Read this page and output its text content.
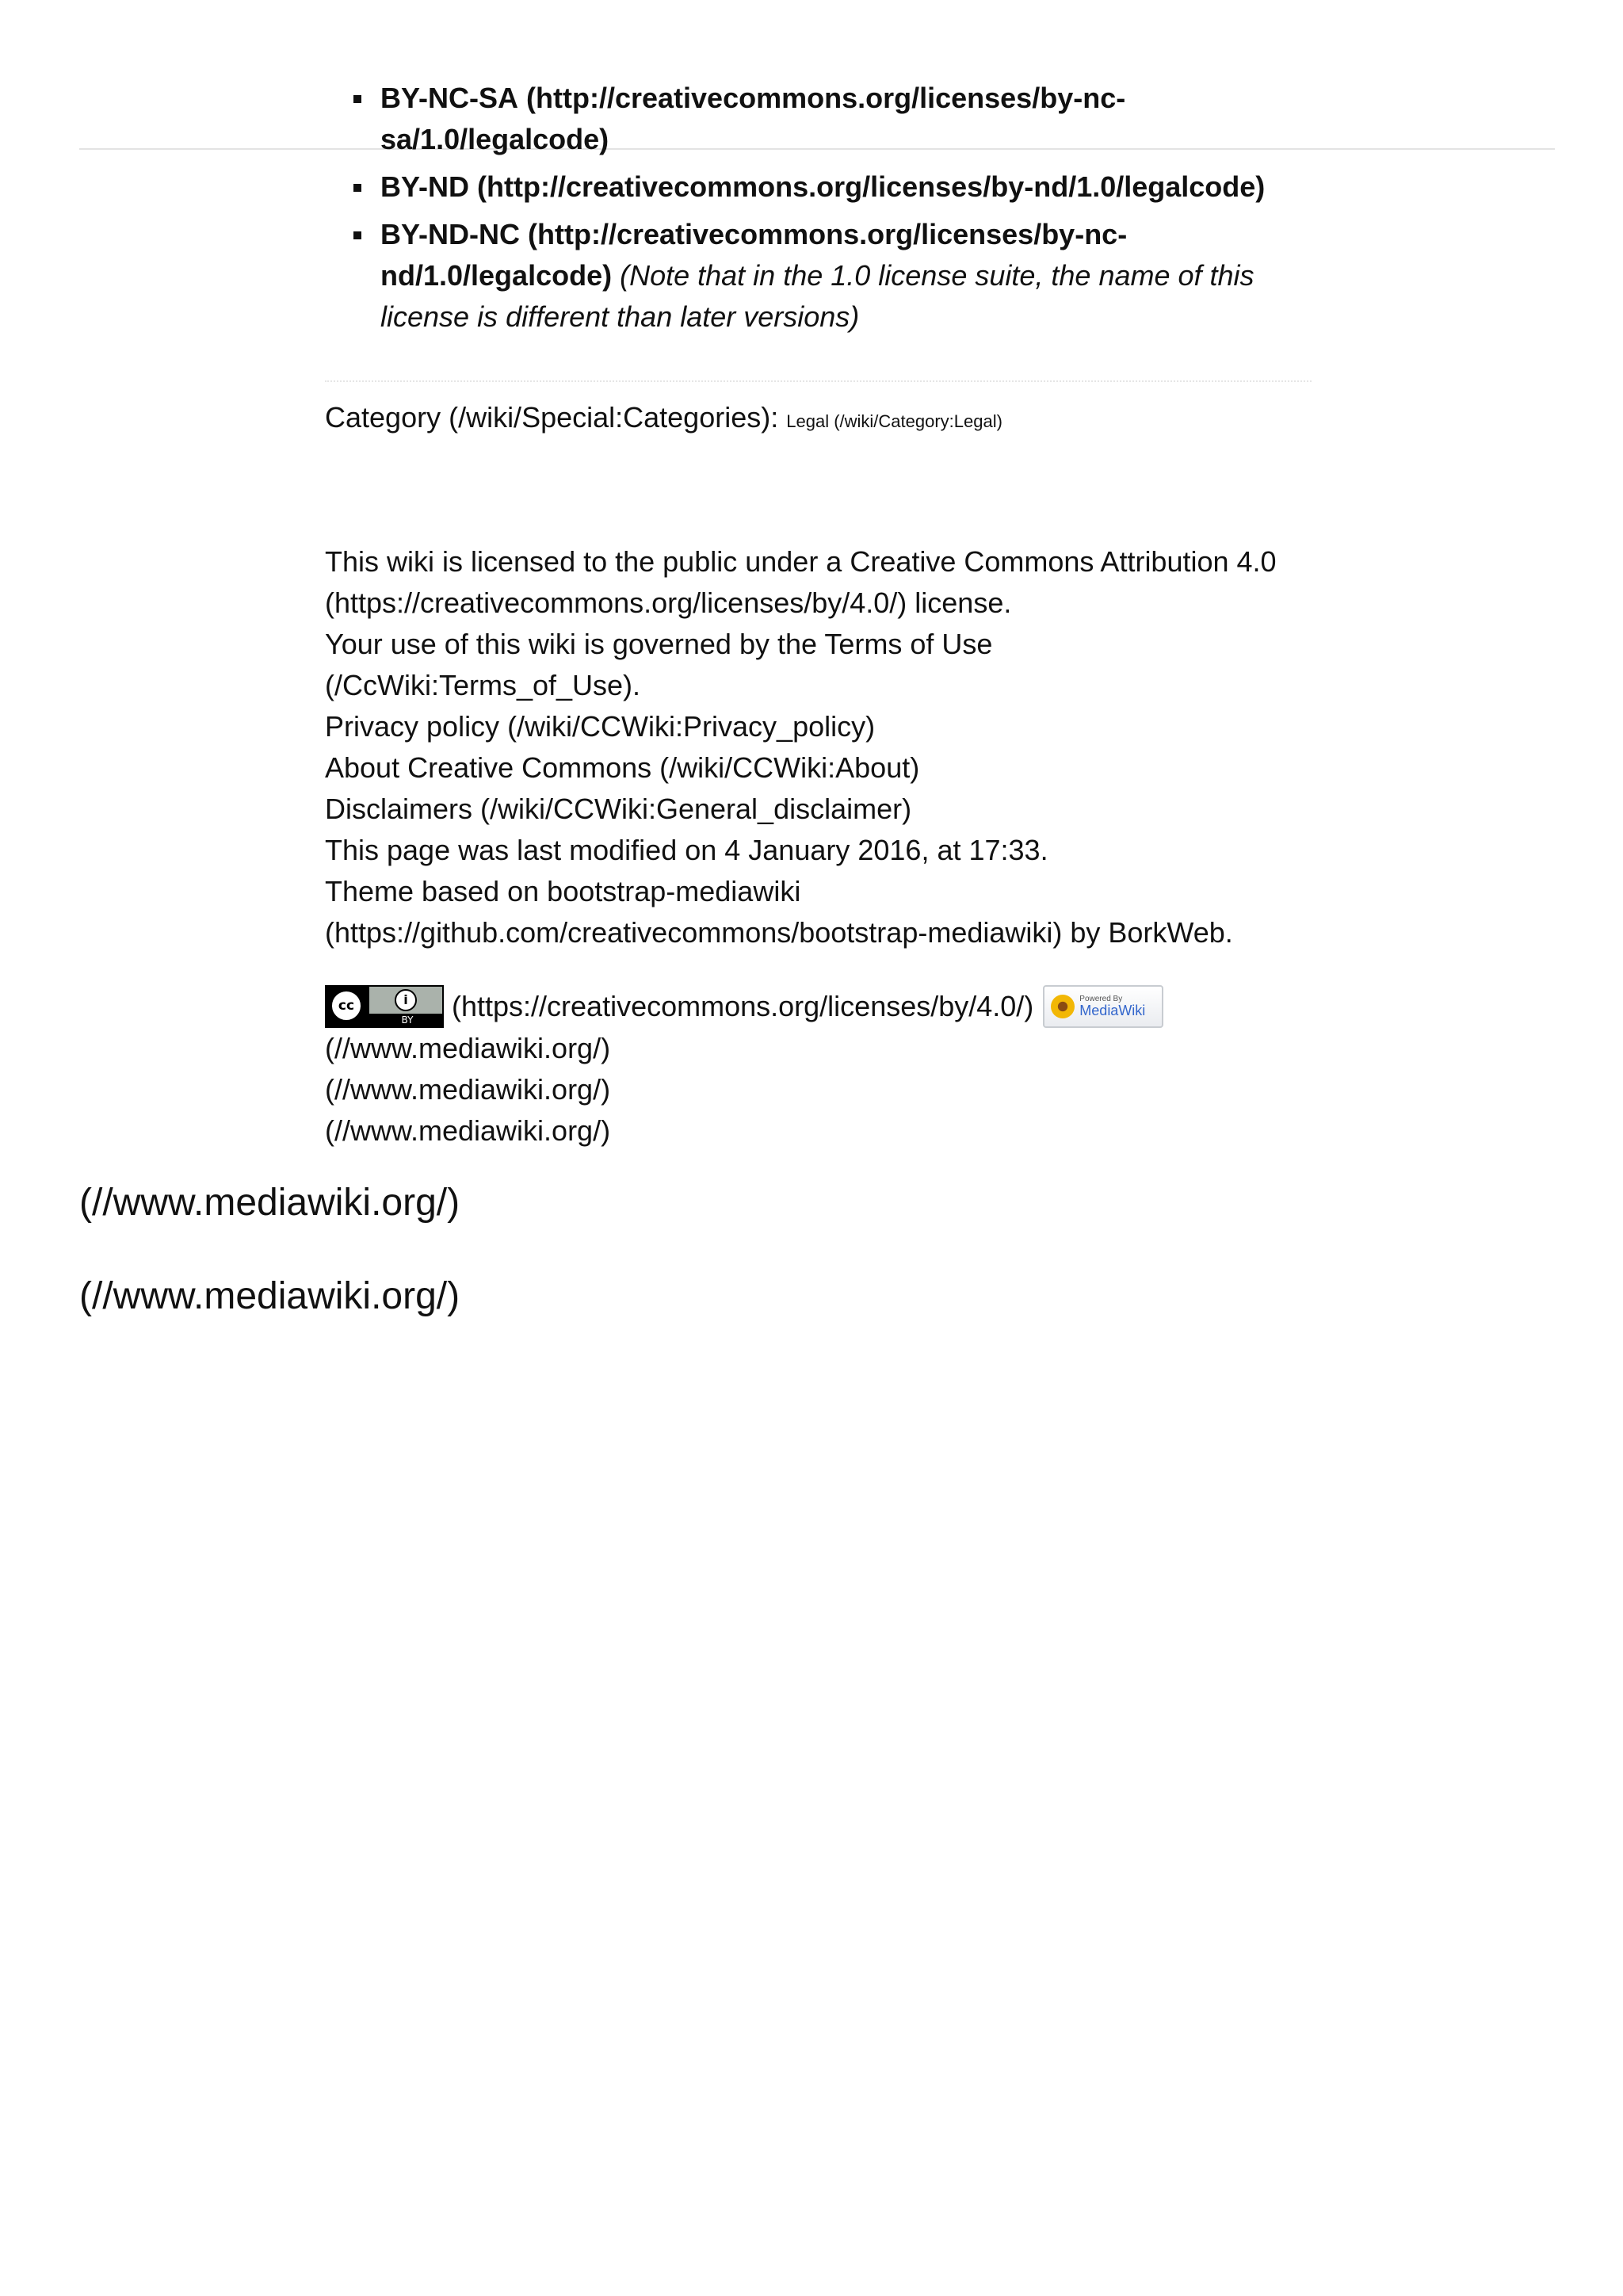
BY-NC-SA (http://creativecommons.org/licenses/by-nc-sa/1.0/legalcode)
BY-ND (http://creativecommons.org/licenses/by-nd/1.0/legalcode)
BY-ND-NC (http://creativecommons.org/licenses/by-nc-nd/1.0/legalcode) (Note that in the 1.0 license suite, the name of this license is different than later versions)
Category (/wiki/Special:Categories): Legal (/wiki/Category:Legal)

This wiki is licensed to the public under a Creative Commons Attribution 4.0 (https://creativecommons.org/licenses/by/4.0/) license.

Your use of this wiki is governed by the Terms of Use (/CcWiki:Terms_of_Use).

Privacy policy (/wiki/CCWiki:Privacy_policy)

About Creative Commons (/wiki/CCWiki:About)

Disclaimers (/wiki/CCWiki:General_disclaimer)

This page was last modified on 4 January 2016, at 17:33.

Theme based on bootstrap-mediawiki (https://github.com/creativecommons/bootstrap-mediawiki) by BorkWeb.

cc	i
BY	(https://creativecommons.org/licenses/by/4.0/)	Powered By
MediaWiki
(//www.mediawiki.org/)
(//www.mediawiki.org/)
(//www.mediawiki.org/)
(//www.mediawiki.org/)
(//www.mediawiki.org/)
